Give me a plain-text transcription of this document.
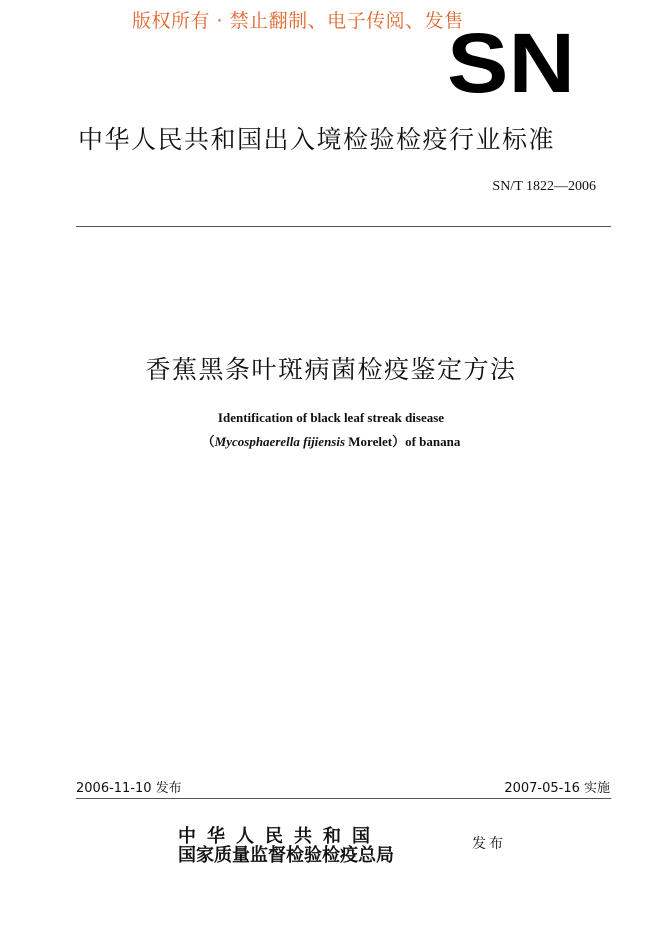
版权所有 · 禁止翻制、电子传阅、发售
SN
中华人民共和国出入境检验检疫行业标准
SN/T 1822—2006
香蕉黑条叶斑病菌检疫鉴定方法
Identification of black leaf streak disease
（Mycosphaerella fijiensis Morelet）of banana
2006-11-10 发布	2007-05-16 实施
中华人民共和国
国家质量监督检验检疫总局
发布
